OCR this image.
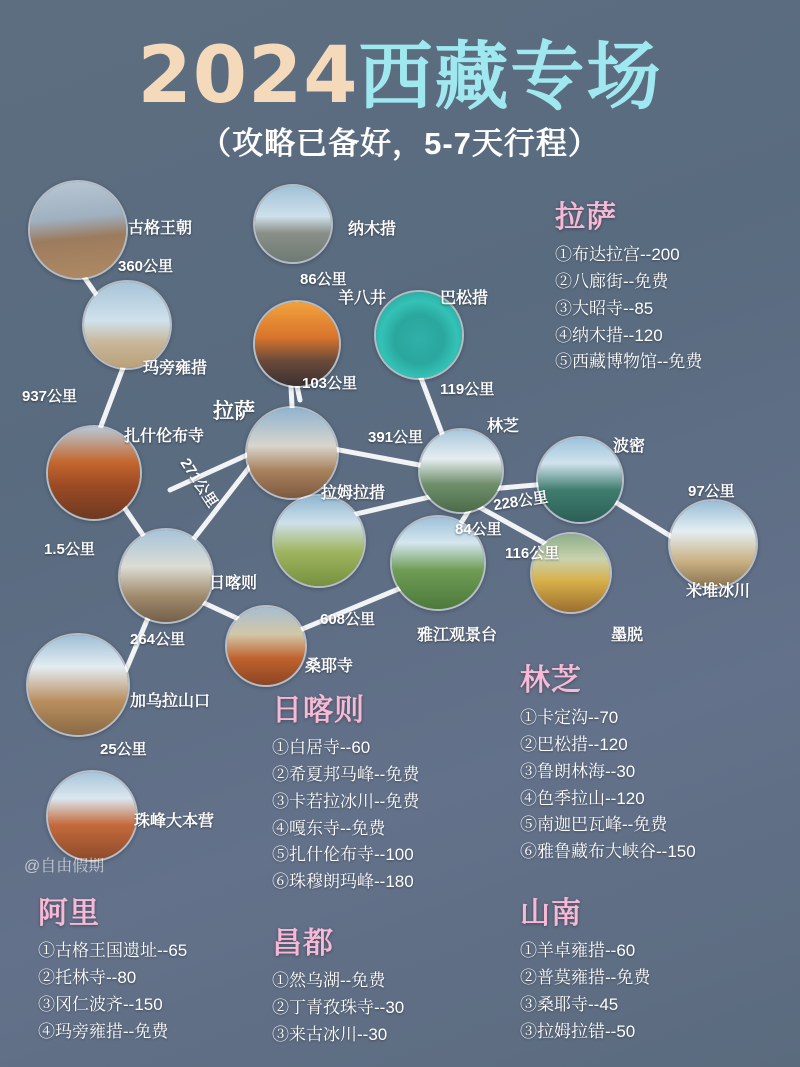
2024西藏专场
（攻略已备好，5-7天行程）
古格王朝	纳木措
玛旁雍措
羊八井	巴松措
扎什伦布寺
拉萨
林芝
波密
米堆冰川
拉姆拉措
日喀则
雅江观景台	墨脱
桑耶寺
加乌拉山口
珠峰大本营
360公里
86公里
937公里
103公里	119公里
391公里
271公里
1.5公里
228公里	97公里
84公里
116公里
264公里
608公里
25公里
拉萨
①布达拉宫--200
②八廊街--免费
③大昭寺--85
④纳木措--120
⑤西藏博物馆--免费
日喀则
①白居寺--60
②希夏邦马峰--免费
③卡若拉冰川--免费
④嘎东寺--免费
⑤扎什伦布寺--100
⑥珠穆朗玛峰--180
林芝
①卡定沟--70
②巴松措--120
③鲁朗林海--30
④色季拉山--120
⑤南迦巴瓦峰--免费
⑥雅鲁藏布大峡谷--150
阿里
①古格王国遗址--65
②托林寺--80
③冈仁波齐--150
④玛旁雍措--免费
昌都
①然乌湖--免费
②丁青孜珠寺--30
③来古冰川--30
山南
①羊卓雍措--60
②普莫雍措--免费
③桑耶寺--45
③拉姆拉错--50
@自由假期
